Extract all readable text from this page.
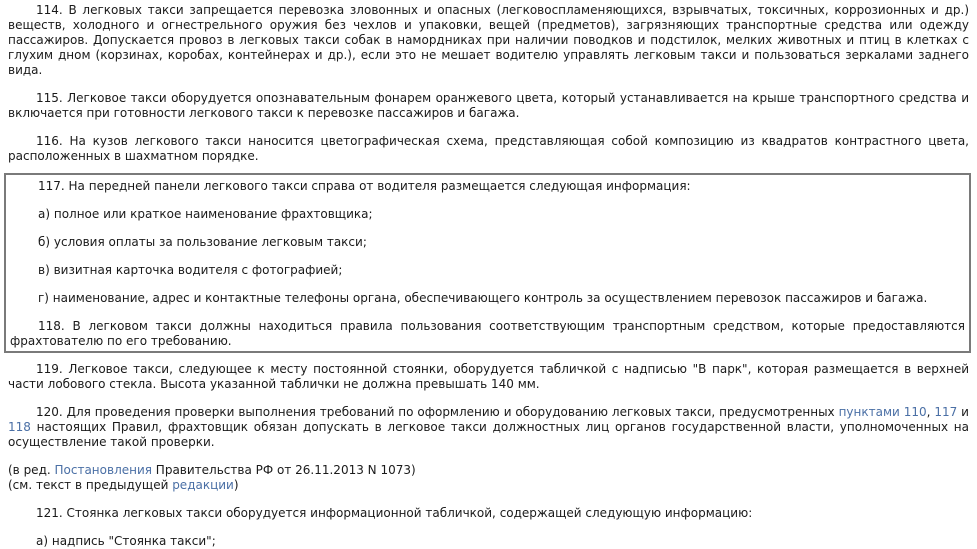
114. В легковых такси запрещается перевозка зловонных и опасных (легковоспламеняющихся, взрывчатых, токсичных, коррозионных и др.) веществ, холодного и огнестрельного оружия без чехлов и упаковки, вещей (предметов), загрязняющих транспортные средства или одежду пассажиров. Допускается провоз в легковых такси собак в намордниках при наличии поводков и подстилок, мелких животных и птиц в клетках с глухим дном (корзинах, коробах, контейнерах и др.), если это не мешает водителю управлять легковым такси и пользоваться зеркалами заднего вида.
115. Легковое такси оборудуется опознавательным фонарем оранжевого цвета, который устанавливается на крыше транспортного средства и включается при готовности легкового такси к перевозке пассажиров и багажа.
116. На кузов легкового такси наносится цветографическая схема, представляющая собой композицию из квадратов контрастного цвета, расположенных в шахматном порядке.
117. На передней панели легкового такси справа от водителя размещается следующая информация:
а) полное или краткое наименование фрахтовщика;
б) условия оплаты за пользование легковым такси;
в) визитная карточка водителя с фотографией;
г) наименование, адрес и контактные телефоны органа, обеспечивающего контроль за осуществлением перевозок пассажиров и багажа.
118. В легковом такси должны находиться правила пользования соответствующим транспортным средством, которые предоставляются фрахтователю по его требованию.
119. Легковое такси, следующее к месту постоянной стоянки, оборудуется табличкой с надписью "В парк", которая размещается в верхней части лобового стекла. Высота указанной таблички не должна превышать 140 мм.
120. Для проведения проверки выполнения требований по оформлению и оборудованию легковых такси, предусмотренных пунктами 110, 117 и 118 настоящих Правил, фрахтовщик обязан допускать в легковое такси должностных лиц органов государственной власти, уполномоченных на осуществление такой проверки.
(в ред. Постановления Правительства РФ от 26.11.2013 N 1073)
(см. текст в предыдущей редакции)
121. Стоянка легковых такси оборудуется информационной табличкой, содержащей следующую информацию:
а) надпись "Стоянка такси";
